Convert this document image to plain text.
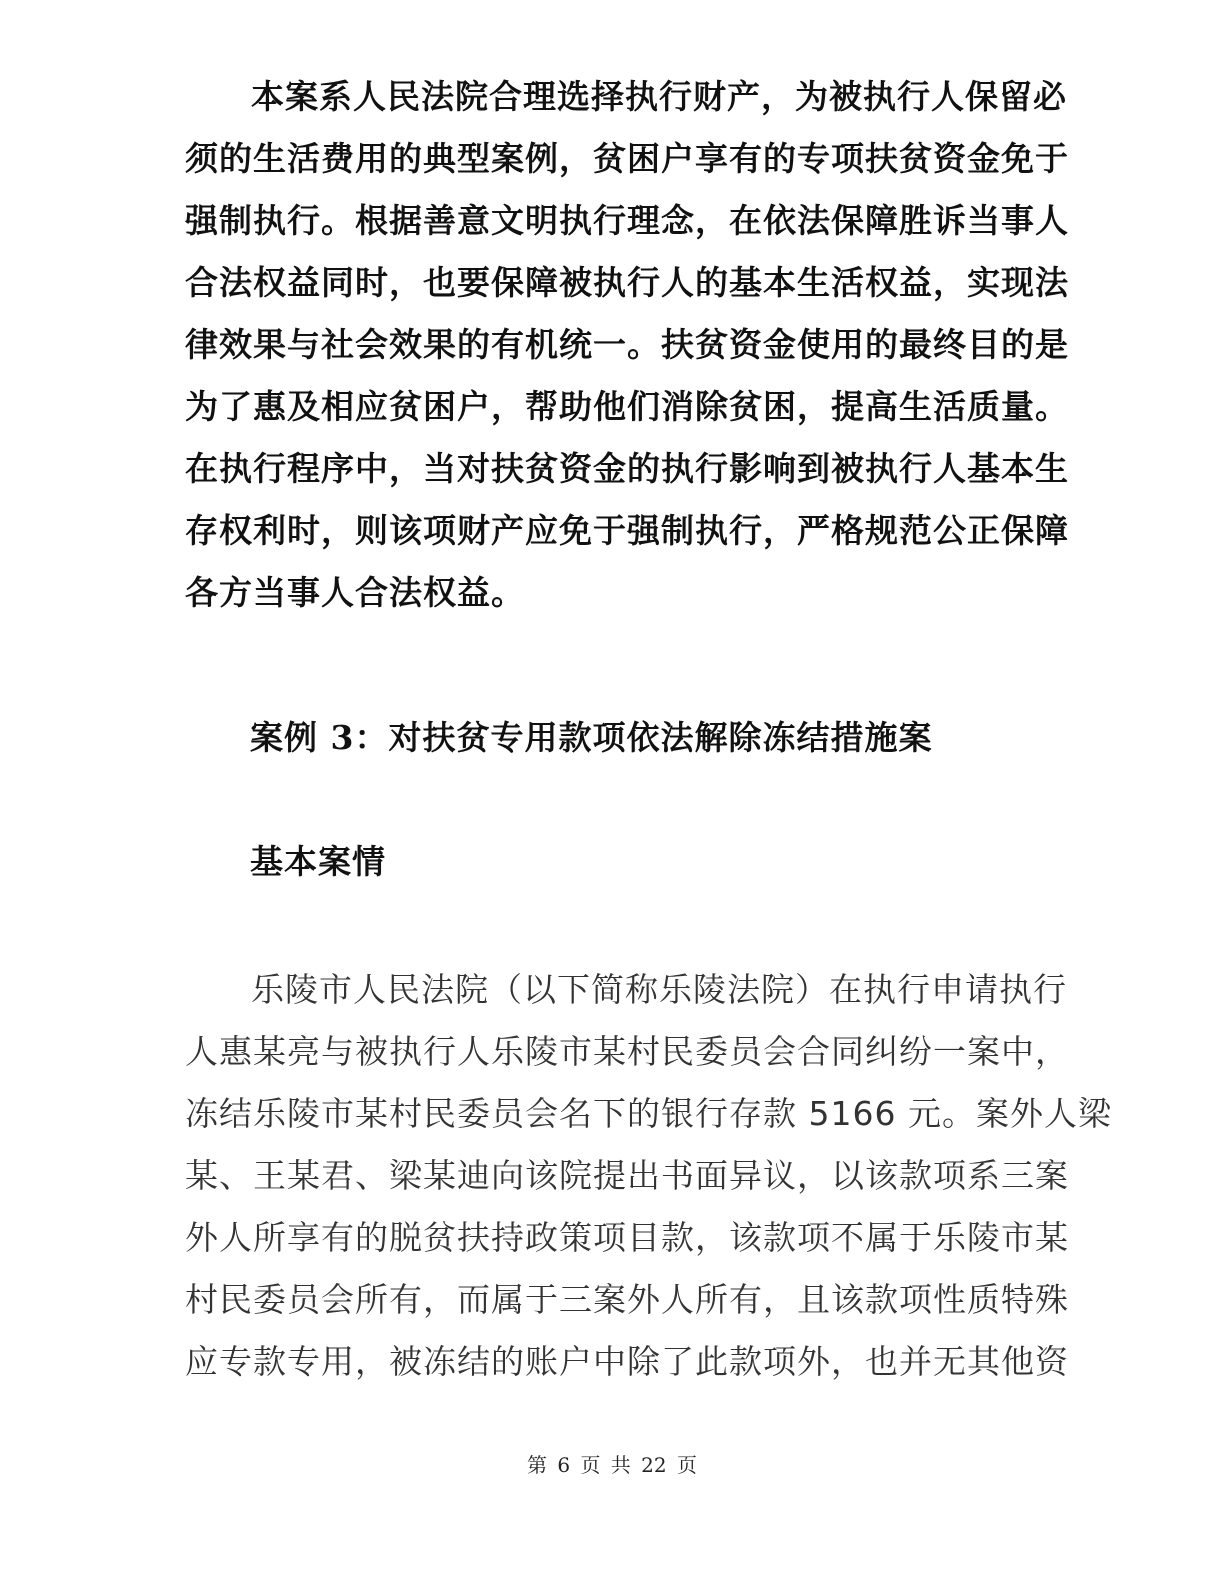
本案系人民法院合理选择执行财产，为被执行人保留必
须的生活费用的典型案例，贫困户享有的专项扶贫资金免于
强制执行。根据善意文明执行理念，在依法保障胜诉当事人
合法权益同时，也要保障被执行人的基本生活权益，实现法
律效果与社会效果的有机统一。扶贫资金使用的最终目的是
为了惠及相应贫困户，帮助他们消除贫困，提高生活质量。
在执行程序中，当对扶贫资金的执行影响到被执行人基本生
存权利时，则该项财产应免于强制执行，严格规范公正保障
各方当事人合法权益。
案例 3：对扶贫专用款项依法解除冻结措施案
基本案情
乐陵市人民法院（以下简称乐陵法院）在执行申请执行
人惠某亮与被执行人乐陵市某村民委员会合同纠纷一案中，
冻结乐陵市某村民委员会名下的银行存款 5166 元。案外人梁
某、王某君、梁某迪向该院提出书面异议，以该款项系三案
外人所享有的脱贫扶持政策项目款，该款项不属于乐陵市某
村民委员会所有，而属于三案外人所有，且该款项性质特殊
应专款专用，被冻结的账户中除了此款项外，也并无其他资
第 6 页 共 22 页
